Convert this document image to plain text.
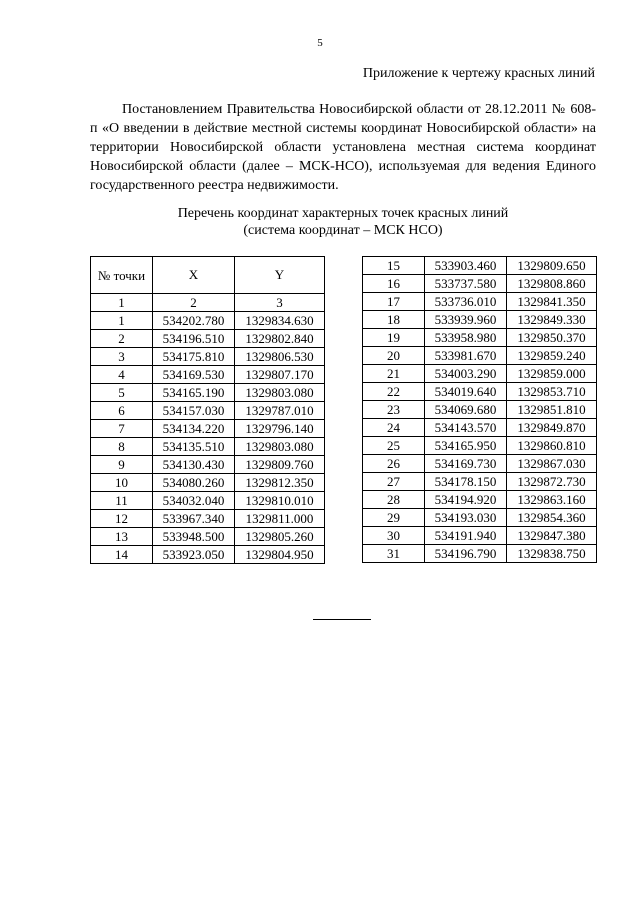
5
Приложение к чертежу красных линий

Постановлением Правительства Новосибирской области от 28.12.2011 № 608-п «О введении в действие местной системы координат Новосибирской области» на территории Новосибирской области установлена местная система координат Новосибирской области (далее – МСК-НСО), используемая для ведения Единого государственного реестра недвижимости.

Перечень координат характерных точек красных линий
(система координат – МСК НСО)
№ точки	X	Y
1	2	3
1	534202.780	1329834.630
2	534196.510	1329802.840
3	534175.810	1329806.530
4	534169.530	1329807.170
5	534165.190	1329803.080
6	534157.030	1329787.010
7	534134.220	1329796.140
8	534135.510	1329803.080
9	534130.430	1329809.760
10	534080.260	1329812.350
11	534032.040	1329810.010
12	533967.340	1329811.000
13	533948.500	1329805.260
14	533923.050	1329804.950
15	533903.460	1329809.650
16	533737.580	1329808.860
17	533736.010	1329841.350
18	533939.960	1329849.330
19	533958.980	1329850.370
20	533981.670	1329859.240
21	534003.290	1329859.000
22	534019.640	1329853.710
23	534069.680	1329851.810
24	534143.570	1329849.870
25	534165.950	1329860.810
26	534169.730	1329867.030
27	534178.150	1329872.730
28	534194.920	1329863.160
29	534193.030	1329854.360
30	534191.940	1329847.380
31	534196.790	1329838.750
